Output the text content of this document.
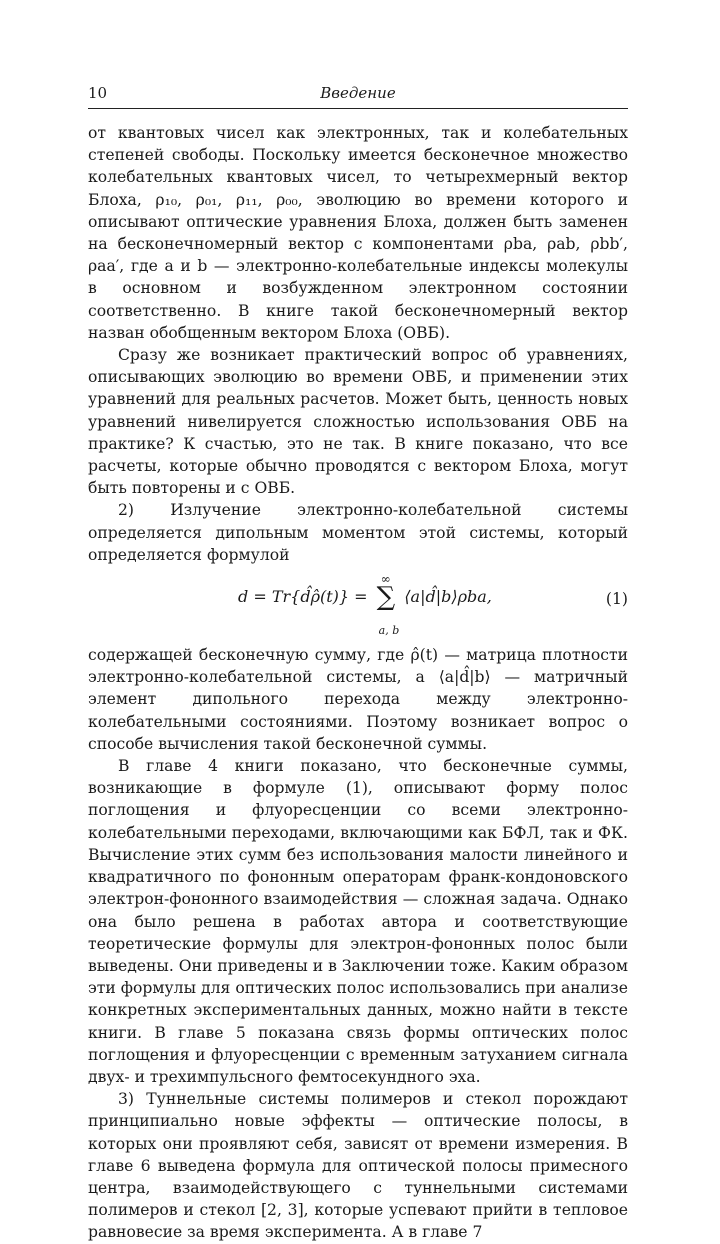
10	Введение

от квантовых чисел как электронных, так и колебательных степеней свободы. Поскольку имеется бесконечное множество колебательных квантовых чисел, то четырехмерный вектор Блоха, ρ₁₀, ρ₀₁, ρ₁₁, ρ₀₀, эволюцию во времени которого и описывают оптические уравнения Блоха, должен быть заменен на бесконечномерный вектор с компонентами ρba, ρab, ρbb′, ρaa′, где a и b — электронно-колебательные индексы молекулы в основном и возбужденном электронном состоянии соответственно. В книге такой бесконечномерный вектор назван обобщенным вектором Блоха (ОВБ).

Сразу же возникает практический вопрос об уравнениях, описывающих эволюцию во времени ОВБ, и применении этих уравнений для реальных расчетов. Может быть, ценность новых уравнений нивелируется сложностью использования ОВБ на практике? К счастью, это не так. В книге показано, что все расчеты, которые обычно проводятся с вектором Блоха, могут быть повторены и с ОВБ.

2) Излучение электронно-колебательной системы определяется дипольным моментом этой системы, который определяется формулой

d = Tr{d̂ρ̂(t)} = ∑
∞
a, b
⟨a|d̂|b⟩ρba,	(1)

содержащей бесконечную сумму, где ρ̂(t) — матрица плотности электронно-колебательной системы, а ⟨a|d̂|b⟩ — матричный элемент дипольного перехода между электронно-колебательными состояниями. Поэтому возникает вопрос о способе вычисления такой бесконечной суммы.

В главе 4 книги показано, что бесконечные суммы, возникающие в формуле (1), описывают форму полос поглощения и флуоресценции со всеми электронно-колебательными переходами, включающими как БФЛ, так и ФК. Вычисление этих сумм без использования малости линейного и квадратичного по фононным операторам франк-кондоновского электрон-фононного взаимодействия — сложная задача. Однако она было решена в работах автора и соответствующие теоретические формулы для электрон-фононных полос были выведены. Они приведены и в Заключении тоже. Каким образом эти формулы для оптических полос использовались при анализе конкретных экспериментальных данных, можно найти в тексте книги. В главе 5 показана связь формы оптических полос поглощения и флуоресценции с временным затуханием сигнала двух- и трехимпульсного фемтосекундного эха.

3) Туннельные системы полимеров и стекол порождают принципиально новые эффекты — оптические полосы, в которых они проявляют себя, зависят от времени измерения. В главе 6 выведена формула для оптической полосы примесного центра, взаимодействующего с туннельными системами полимеров и стекол [2, 3], которые успевают прийти в тепловое равновесие за время эксперимента. А в главе 7
